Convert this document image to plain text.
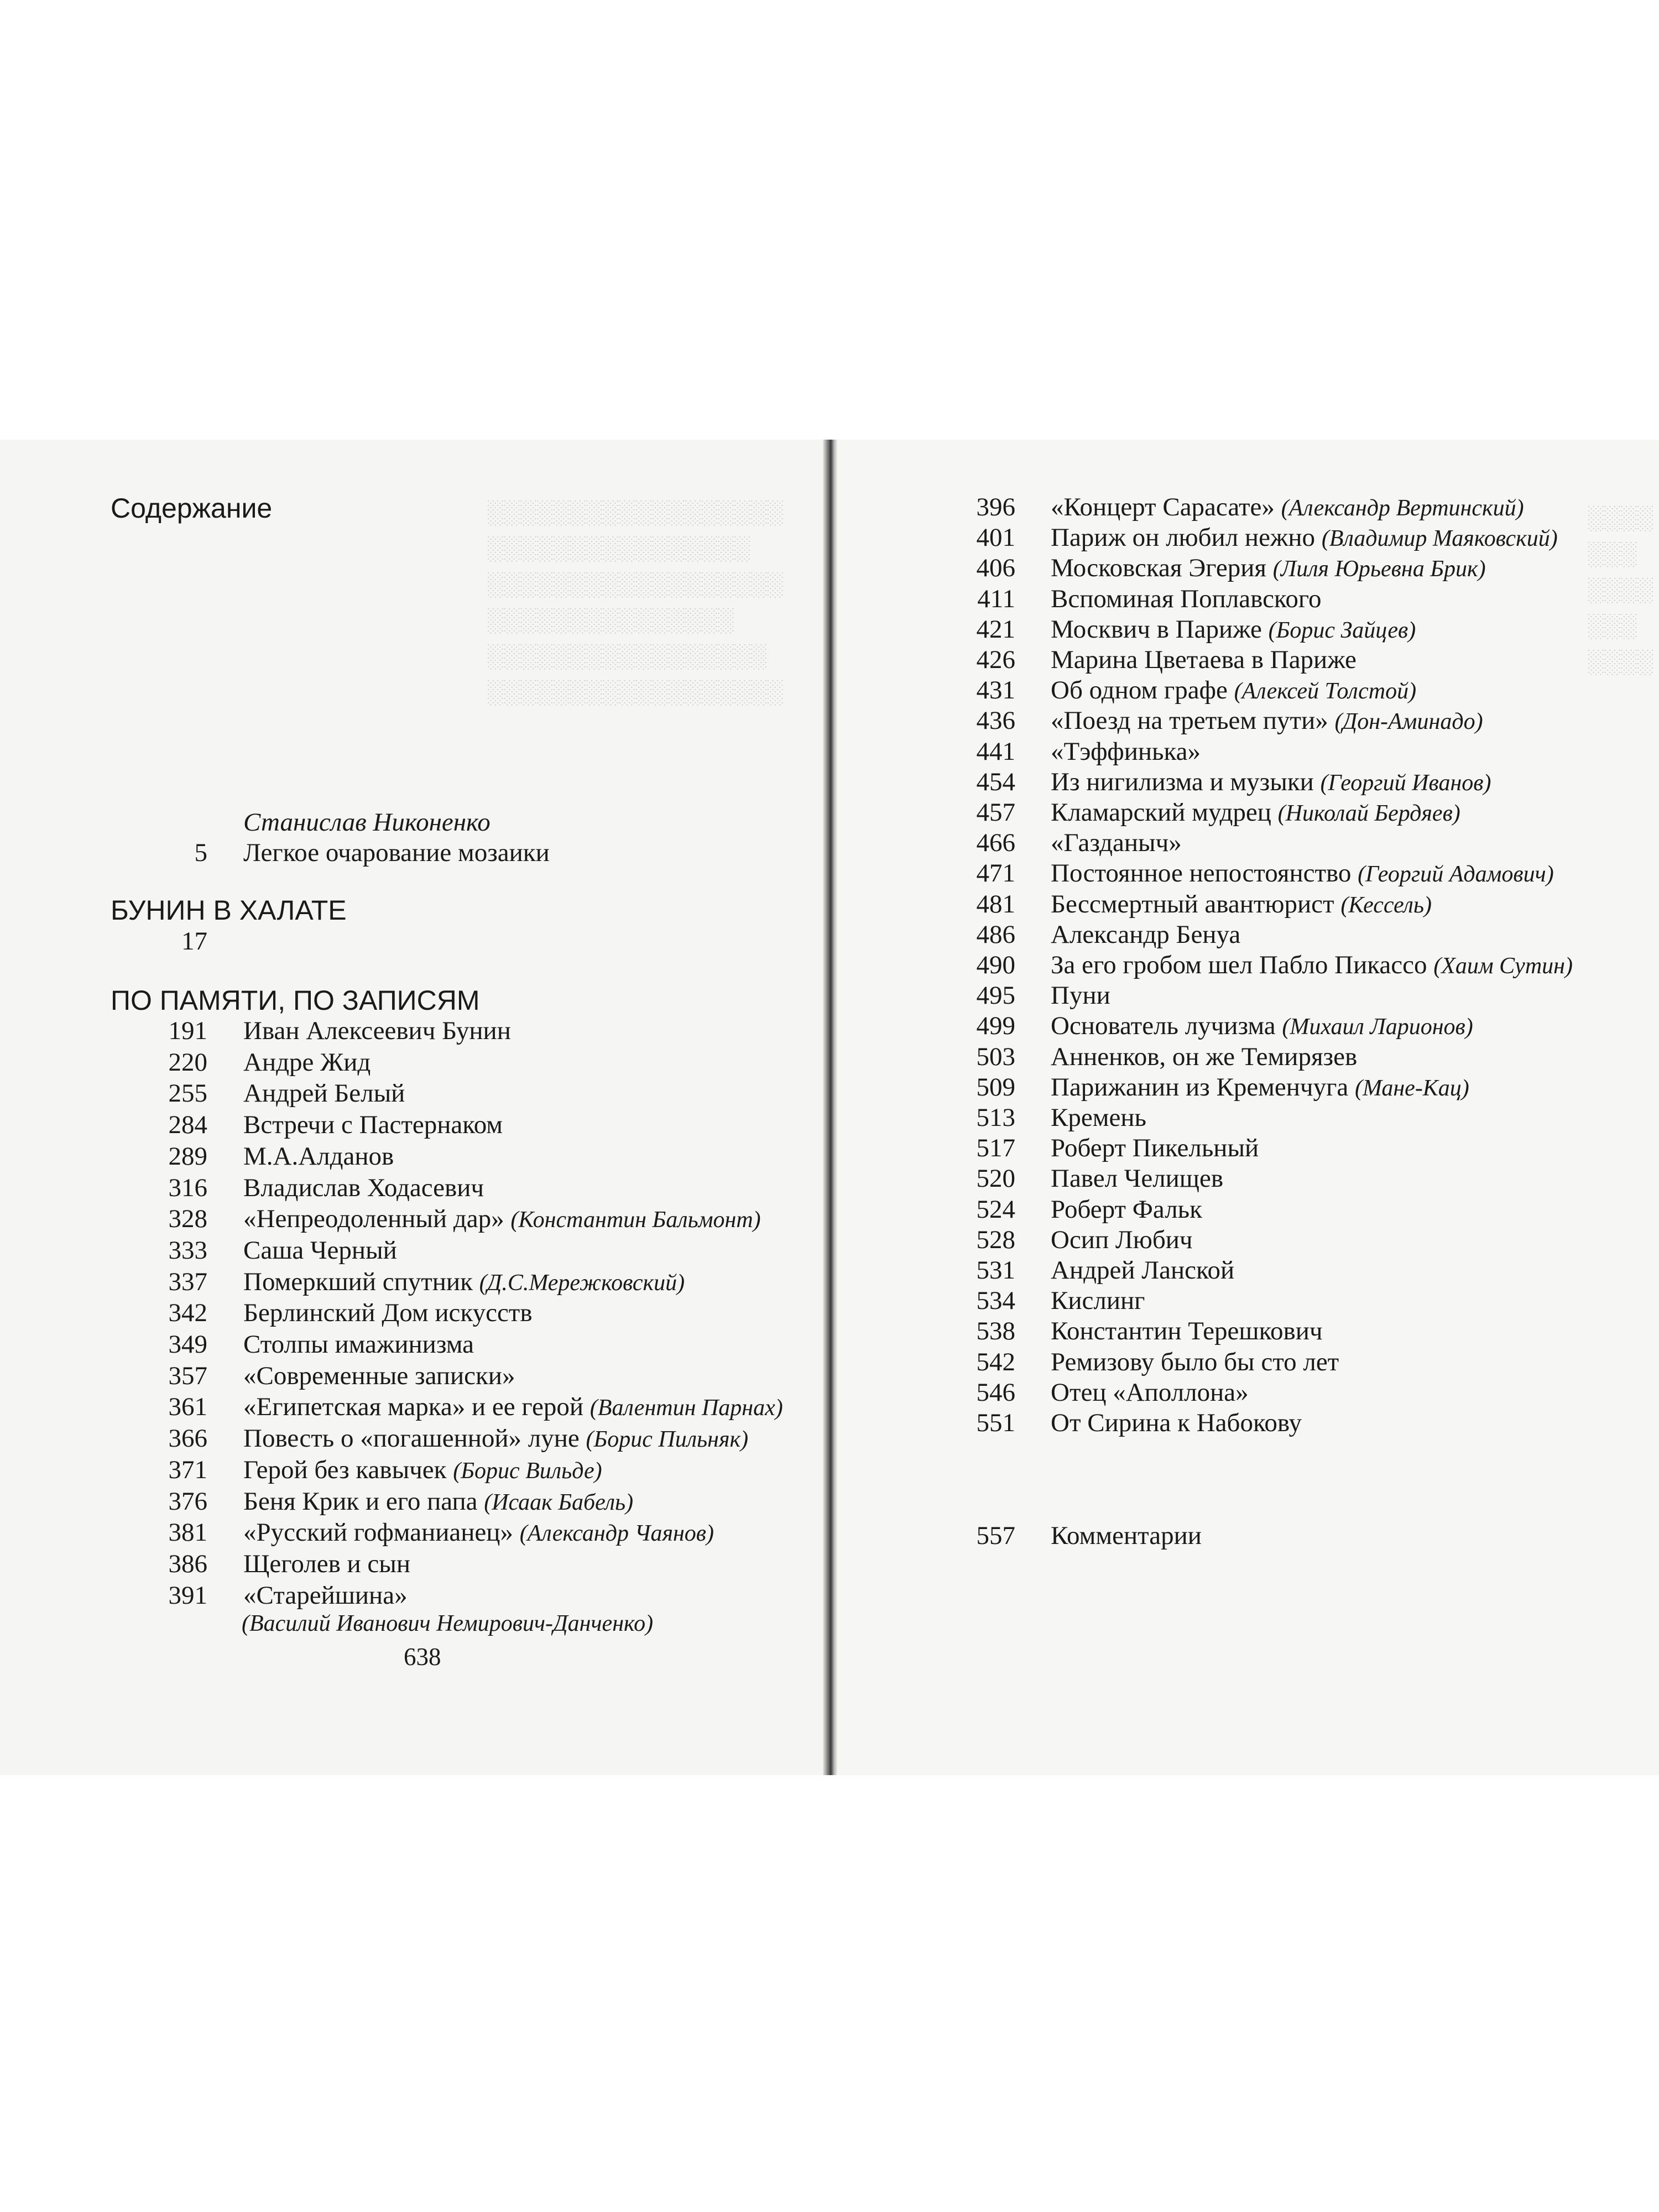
░░░░░░░░░░░░░░░░░░
░░░░░░░░░░░░░░░░
░░░░░░░░░░░░░░░░░░
░░░░░░░░░░░░░░░
░░░░░░░░░░░░░░░░░
░░░░░░░░░░░░░░░░░░
░░░░
░░░
░░░░
░░░
░░░░
Содержание
Станислав Никоненко
5 Легкое очарование мозаики
БУНИН В ХАЛАТЕ
17
ПО ПАМЯТИ, ПО ЗАПИСЯМ
191 Иван Алексеевич Бунин
220 Андре Жид
255 Андрей Белый
284 Встречи с Пастернаком
289 М.А.Алданов
316 Владислав Ходасевич
328 «Непреодоленный дар» (Константин Бальмонт)
333 Саша Черный
337 Померкший спутник (Д.С.Мережковский)
342 Берлинский Дом искусств
349 Столпы имажинизма
357 «Современные записки»
361 «Египетская марка» и ее герой (Валентин Парнах)
366 Повесть о «погашенной» луне (Борис Пильняк)
371 Герой без кавычек (Борис Вильде)
376 Беня Крик и его папа (Исаак Бабель)
381 «Русский гофманианец» (Александр Чаянов)
386 Щеголев и сын
391 «Старейшина»
(Василий Иванович Немирович-Данченко)
638
396 «Концерт Сарасате» (Александр Вертинский)
401 Париж он любил нежно (Владимир Маяковский)
406 Московская Эгерия (Лиля Юрьевна Брик)
411 Вспоминая Поплавского
421 Москвич в Париже (Борис Зайцев)
426 Марина Цветаева в Париже
431 Об одном графе (Алексей Толстой)
436 «Поезд на третьем пути» (Дон-Аминадо)
441 «Тэффинька»
454 Из нигилизма и музыки (Георгий Иванов)
457 Кламарский мудрец (Николай Бердяев)
466 «Газданыч»
471 Постоянное непостоянство (Георгий Адамович)
481 Бессмертный авантюрист (Кессель)
486 Александр Бенуа
490 За его гробом шел Пабло Пикассо (Хаим Сутин)
495 Пуни
499 Основатель лучизма (Михаил Ларионов)
503 Анненков, он же Темирязев
509 Парижанин из Кременчуга (Мане-Кац)
513 Кремень
517 Роберт Пикельный
520 Павел Челищев
524 Роберт Фальк
528 Осип Любич
531 Андрей Ланской
534 Кислинг
538 Константин Терешкович
542 Ремизову было бы сто лет
546 Отец «Аполлона»
551 От Сирина к Набокову
557 Комментарии
